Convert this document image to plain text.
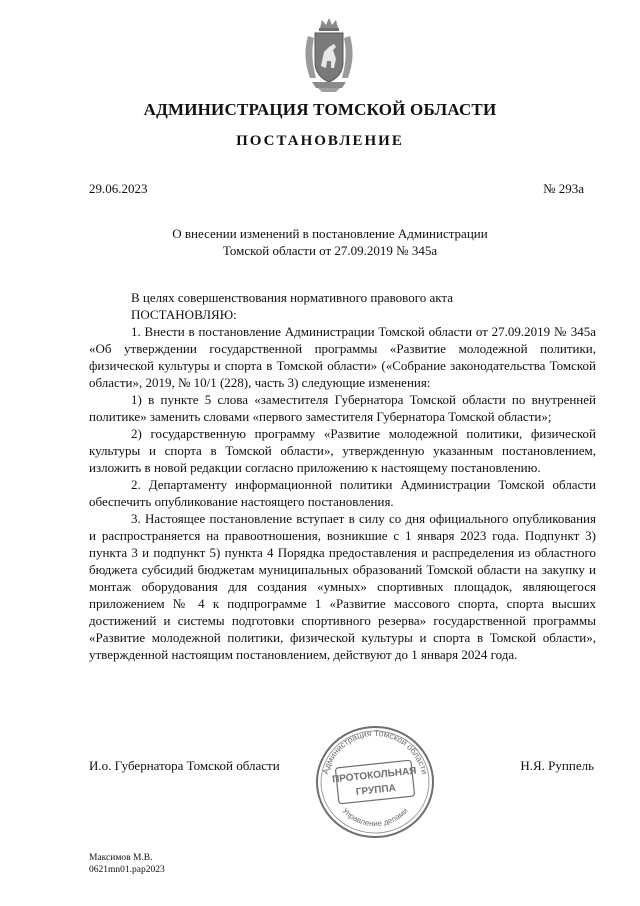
АДМИНИСТРАЦИЯ ТОМСКОЙ ОБЛАСТИ
ПОСТАНОВЛЕНИЕ
29.06.2023	№ 293а
О внесении изменений в постановление Администрации
Томской области от 27.09.2019 № 345а

В целях совершенствования нормативного правового акта

ПОСТАНОВЛЯЮ:

1. Внести в постановление Администрации Томской области от 27.09.2019 № 345а «Об утверждении государственной программы «Развитие молодежной политики, физической культуры и спорта в Томской области» («Собрание законодательства Томской области», 2019, № 10/1 (228), часть 3) следующие изменения:

1) в пункте 5 слова «заместителя Губернатора Томской области по внутренней политике» заменить словами «первого заместителя Губернатора Томской области»;

2) государственную программу «Развитие молодежной политики, физической культуры и спорта в Томской области», утвержденную указанным постановлением, изложить в новой редакции согласно приложению к настоящему постановлению.

2. Департаменту информационной политики Администрации Томской области обеспечить опубликование настоящего постановления.

3. Настоящее постановление вступает в силу со дня официального опубликования и распространяется на правоотношения, возникшие с 1 января 2023 года. Подпункт 3) пункта 3 и подпункт 5) пункта 4 Порядка предоставления и распределения из областного бюджета субсидий бюджетам муниципальных образований Томской области на закупку и монтаж оборудования для создания «умных» спортивных площадок, являющегося приложением № 4 к подпрограмме 1 «Развитие массового спорта, спорта высших достижений и системы подготовки спортивного резерва» государственной программы «Развитие молодежной политики, физической культуры и спорта в Томской области», утвержденной настоящим постановлением, действуют до 1 января 2024 года.

И.о. Губернатора Томской области	Н.Я. Руппель
Администрация Томской области
Управление делами
ПРОТОКОЛЬНАЯ
ГРУППА
Максимов М.В.
0621mn01.pap2023
